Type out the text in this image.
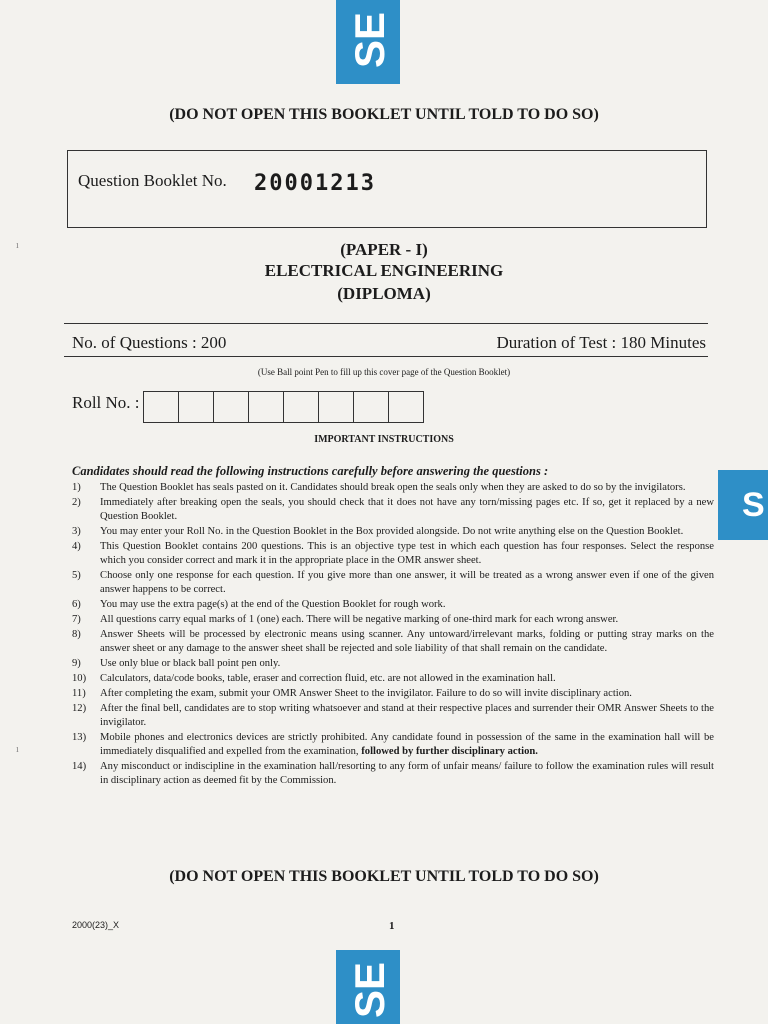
SE
S
SE
ı
ı
(DO NOT OPEN THIS BOOKLET UNTIL TOLD TO DO SO)
Question Booklet No. 20001213
(PAPER - I)
ELECTRICAL ENGINEERING
(DIPLOMA)
No. of Questions : 200	Duration of Test : 180 Minutes
(Use Ball point Pen to fill up this cover page of the Question Booklet)
Roll No. :
IMPORTANT INSTRUCTIONS
Candidates should read the following instructions carefully before answering the questions :
1)	The Question Booklet has seals pasted on it. Candidates should break open the seals only when they are asked to do so by the invigilators.
2)	Immediately after breaking open the seals, you should check that it does not have any torn/missing pages etc. If so, get it replaced by a new Question Booklet.
3)	You may enter your Roll No. in the Question Booklet in the Box provided alongside. Do not write anything else on the Question Booklet.
4)	This Question Booklet contains 200 questions. This is an objective type test in which each question has four responses. Select the response which you consider correct and mark it in the appropriate place in the OMR answer sheet.
5)	Choose only one response for each question. If you give more than one answer, it will be treated as a wrong answer even if one of the given answer happens to be correct.
6)	You may use the extra page(s) at the end of the Question Booklet for rough work.
7)	All questions carry equal marks of 1 (one) each. There will be negative marking of one-third mark for each wrong answer.
8)	Answer Sheets will be processed by electronic means using scanner. Any untoward/irrelevant marks, folding or putting stray marks on the answer sheet or any damage to the answer sheet shall be rejected and sole liability of that shall remain on the candidate.
9)	Use only blue or black ball point pen only.
10)	Calculators, data/code books, table, eraser and correction fluid, etc. are not allowed in the examination hall.
11)	After completing the exam, submit your OMR Answer Sheet to the invigilator. Failure to do so will invite disciplinary action.
12)	After the final bell, candidates are to stop writing whatsoever and stand at their respective places and surrender their OMR Answer Sheets to the invigilator.
13)	Mobile phones and electronics devices are strictly prohibited. Any candidate found in possession of the same in the examination hall will be immediately disqualified and expelled from the examination, followed by further disciplinary action.
14)	Any misconduct or indiscipline in the examination hall/resorting to any form of unfair means/ failure to follow the examination rules will result in disciplinary action as deemed fit by the Commission.
(DO NOT OPEN THIS BOOKLET UNTIL TOLD TO DO SO)
2000(23)_X	1
